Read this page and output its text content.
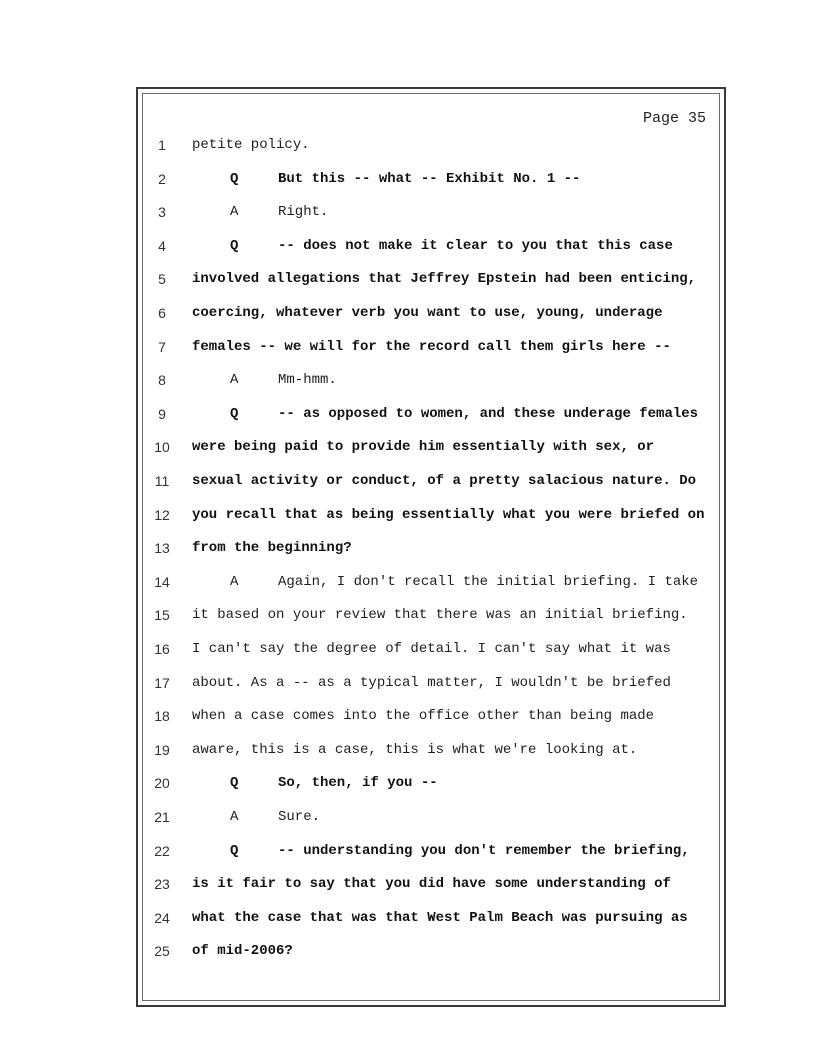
Page 35
1	petite policy.
2	Q	But this -- what -- Exhibit No. 1 --
3	A	Right.
4	Q	-- does not make it clear to you that this case
5	involved allegations that Jeffrey Epstein had been enticing,
6	coercing, whatever verb you want to use, young, underage
7	females -- we will for the record call them girls here --
8	A	Mm-hmm.
9	Q	-- as opposed to women, and these underage females
10	were being paid to provide him essentially with sex, or
11	sexual activity or conduct, of a pretty salacious nature. Do
12	you recall that as being essentially what you were briefed on
13	from the beginning?
14	A	Again, I don't recall the initial briefing. I take
15	it based on your review that there was an initial briefing.
16	I can't say the degree of detail. I can't say what it was
17	about. As a -- as a typical matter, I wouldn't be briefed
18	when a case comes into the office other than being made
19	aware, this is a case, this is what we're looking at.
20	Q	So, then, if you --
21	A	Sure.
22	Q	-- understanding you don't remember the briefing,
23	is it fair to say that you did have some understanding of
24	what the case that was that West Palm Beach was pursuing as
25	of mid-2006?
